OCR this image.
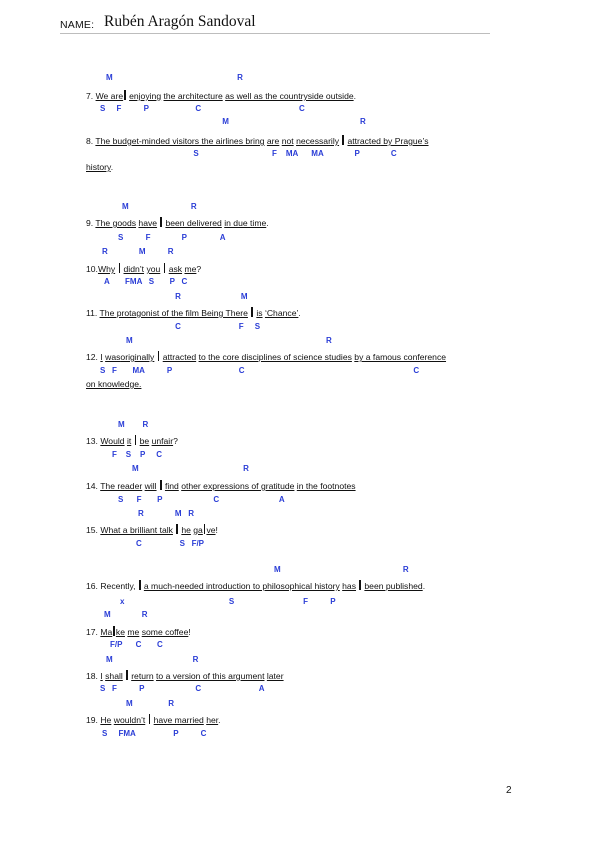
NAME: Rubén Aragón Sandoval
M                                                        R
S     F          P                     C                                            C
M                                                           R
7. We are enjoying the architecture as well as the countryside outside.
S                                 F    MA      MA              P              C
8. The budget-minded visitors the airlines bring are not necessarily attracted by Prague’s
history.
M                            R
S          F              P               A
R              M          R
9. The goods have been delivered in due time.
A       FMA   S       P   C
R                           M
10.Why didn’t you ask me?
C                          F     S
M                                                                                       R
11. The protagonist of the film Being There is ‘Chance’.
S   F       MA          P                              C                                                                            C
12. I wasoriginally attracted to the core disciplines of science studies by a famous conference
on knowledge.
M        R
F    S    P     C
M                                               R
13. Would it be unfair?
S      F       P                       C                           A
R              M   R
14. The reader will find other expressions of gratitude in the footnotes
C                 S   F/P
15. What a brilliant talk he ga ve!
M                                                       R
x                                               S                               F          P
M              R
16. Recently,  a much-needed introduction to philosophical history has been published.
F/P      C       C
M                                    R
17. Ma ke me some coffee!
S   F          P                       C                          A
M                R
18. I shall return to a version of this argument later
S     FMA                 P          C
19. He wouldn’t have married her.
2
